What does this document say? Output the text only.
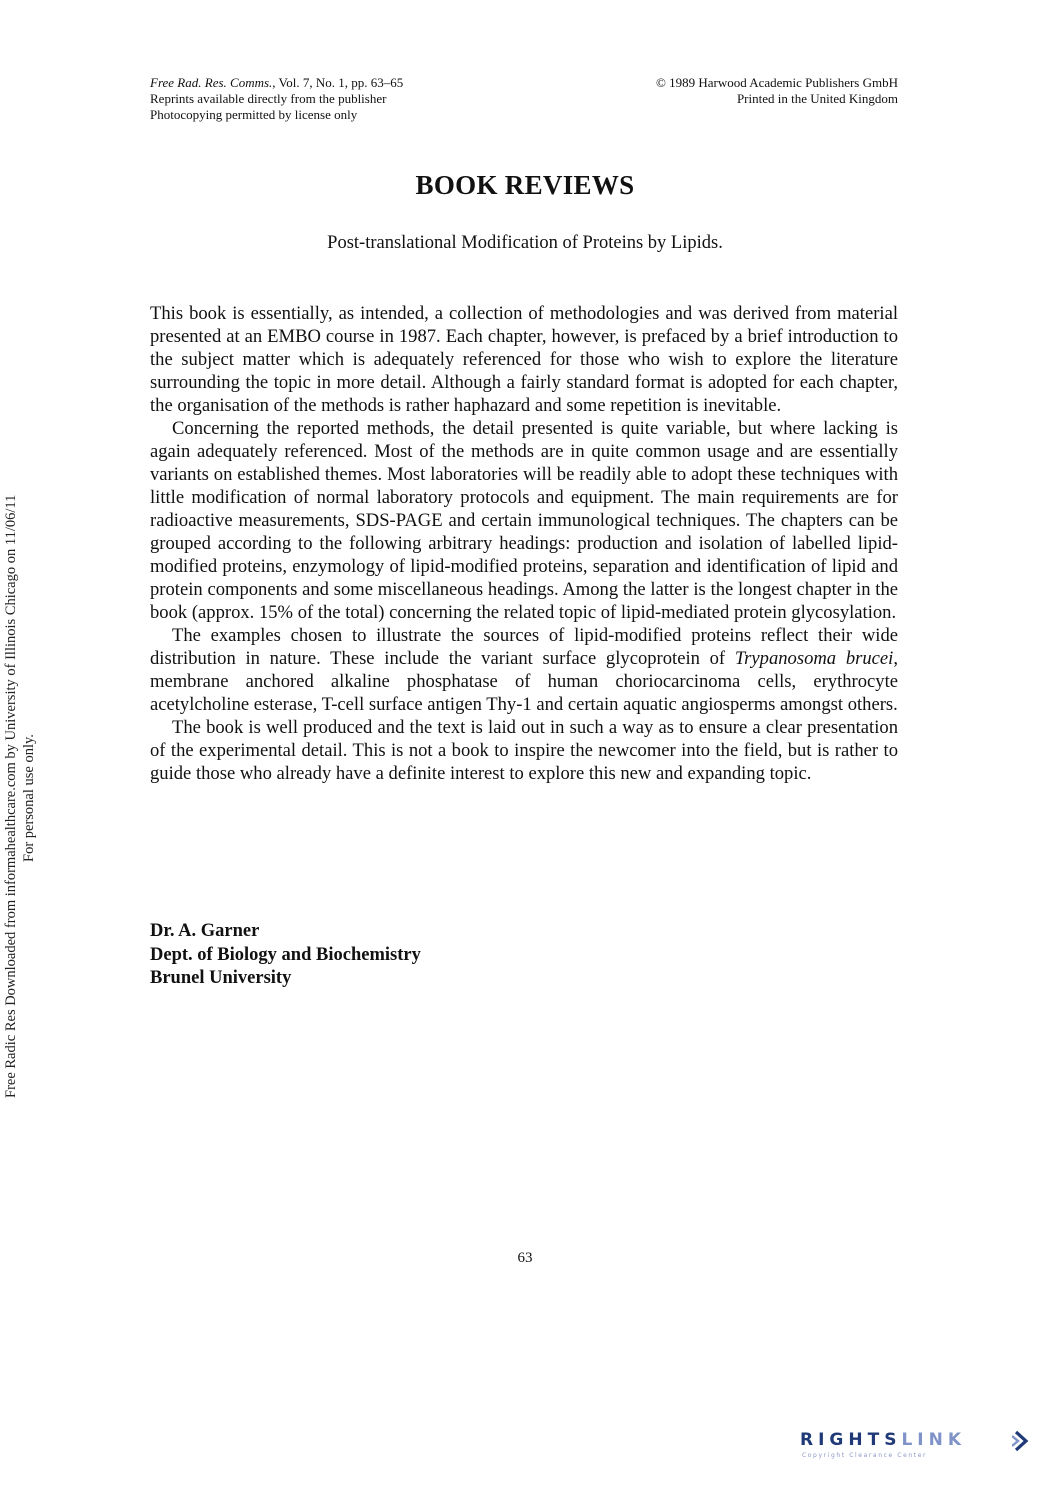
Free Rad. Res. Comms., Vol. 7, No. 1, pp. 63–65
Reprints available directly from the publisher
Photocopying permitted by license only
© 1989 Harwood Academic Publishers GmbH
Printed in the United Kingdom
BOOK REVIEWS
Post-translational Modification of Proteins by Lipids.

This book is essentially, as intended, a collection of methodologies and was derived from material presented at an EMBO course in 1987. Each chapter, however, is prefaced by a brief introduction to the subject matter which is adequately referenced for those who wish to explore the literature surrounding the topic in more detail. Although a fairly standard format is adopted for each chapter, the organisation of the methods is rather haphazard and some repetition is inevitable.

Concerning the reported methods, the detail presented is quite variable, but where lacking is again adequately referenced. Most of the methods are in quite common usage and are essentially variants on established themes. Most laboratories will be readily able to adopt these techniques with little modification of normal laboratory protocols and equipment. The main requirements are for radioactive measurements, SDS-PAGE and certain immunological techniques. The chapters can be grouped according to the following arbitrary headings: production and isolation of labelled lipid-modified proteins, enzymology of lipid-modified proteins, separation and identification of lipid and protein components and some miscellaneous headings. Among the latter is the longest chapter in the book (approx. 15% of the total) concerning the related topic of lipid-mediated protein glycosylation.

The examples chosen to illustrate the sources of lipid-modified proteins reflect their wide distribution in nature. These include the variant surface glycoprotein of Trypanosoma brucei, membrane anchored alkaline phosphatase of human choriocarcinoma cells, erythrocyte acetylcholine esterase, T-cell surface antigen Thy-1 and certain aquatic angiosperms amongst others.

The book is well produced and the text is laid out in such a way as to ensure a clear presentation of the experimental detail. This is not a book to inspire the newcomer into the field, but is rather to guide those who already have a definite interest to explore this new and expanding topic.

Dr. A. Garner
Dept. of Biology and Biochemistry
Brunel University
63
Free Radic Res Downloaded from informahealthcare.com by University of Illinois Chicago on 11/06/11 For personal use only.
RIGHTSLINK
Copyright Clearance Center
